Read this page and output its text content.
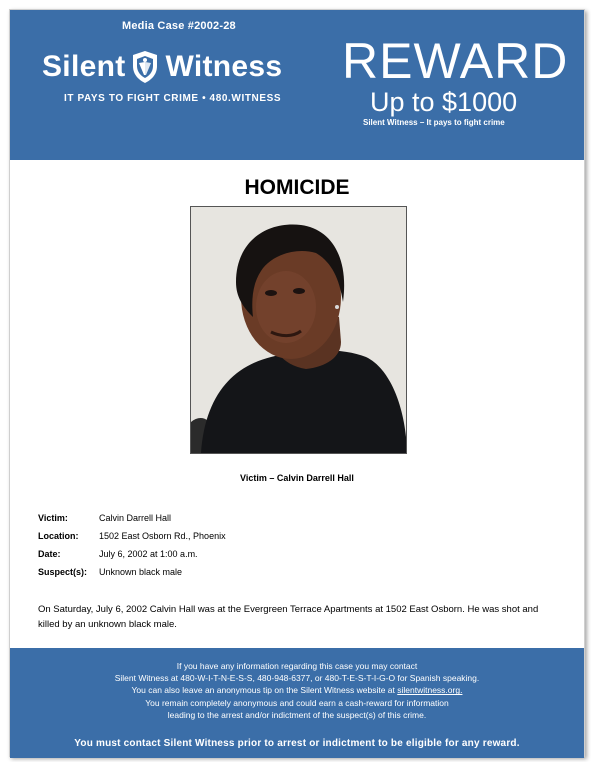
Media Case #2002-28
Silent Witness
IT PAYS TO FIGHT CRIME • 480.WITNESS
REWARD
Up to $1000
Silent Witness – It pays to fight crime
HOMICIDE
Victim – Calvin Darrell Hall
Victim:	Calvin Darrell Hall
Location:	1502 East Osborn Rd., Phoenix
Date:	July 6, 2002 at 1:00 a.m.
Suspect(s):	Unknown black male
On Saturday, July 6, 2002 Calvin Hall was at the Evergreen Terrace Apartments at 1502 East Osborn. He was shot and killed by an unknown black male.
If you have any information regarding this case you may contact
Silent Witness at 480-W-I-T-N-E-S-S, 480-948-6377, or 480-T-E-S-T-I-G-O for Spanish speaking.
You can also leave an anonymous tip on the Silent Witness website at silentwitness.org.
You remain completely anonymous and could earn a cash-reward for information
leading to the arrest and/or indictment of the suspect(s) of this crime.
You must contact Silent Witness prior to arrest or indictment to be eligible for any reward.
